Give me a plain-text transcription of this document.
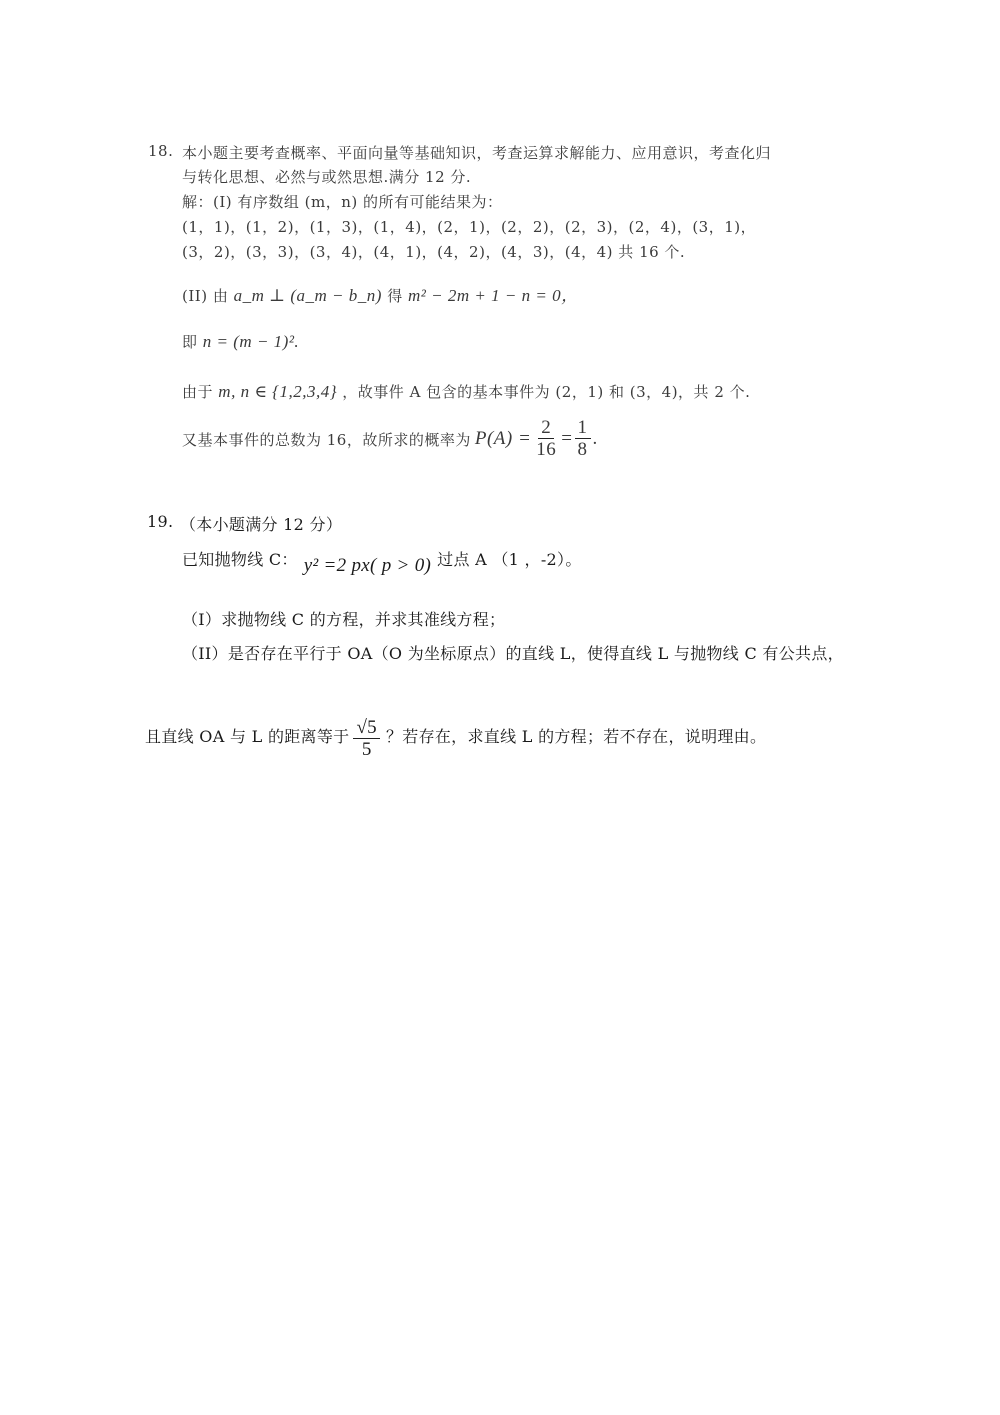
18. 本小题主要考查概率、平面向量等基础知识，考查运算求解能力、应用意识，考查化归
与转化思想、必然与或然思想.满分 12 分.
解：(I) 有序数组 (m，n) 的所有可能结果为：
(1，1)，(1，2)，(1，3)，(1，4)，(2，1)，(2，2)，(2，3)，(2，4)，(3，1)，
(3，2)，(3，3)，(3，4)，(4，1)，(4，2)，(4，3)，(4，4) 共 16 个.
(II) 由 a_m ⊥ (a_m − b_n) 得 m² − 2m + 1 − n = 0，
即 n = (m − 1)².
由于 m, n ∈ {1,2,3,4} ，故事件 A 包含的基本事件为 (2，1) 和 (3，4)，共 2 个.
又基本事件的总数为 16，故所求的概率为 $P(A) = \frac{2}{16} = \frac{1}{8}$ .
19. （本小题满分 12 分）
已知抛物线 C： y² =2 px( p > 0) 过点 A （1 ，-2）。
（I）求抛物线 C 的方程，并求其准线方程；
（II）是否存在平行于 OA（O 为坐标原点）的直线 L，使得直线 L 与抛物线 C 有公共点，
且直线 OA 与 L 的距离等于 $\frac{√5}{5}$ ？若存在，求直线 L 的方程；若不存在，说明理由。
